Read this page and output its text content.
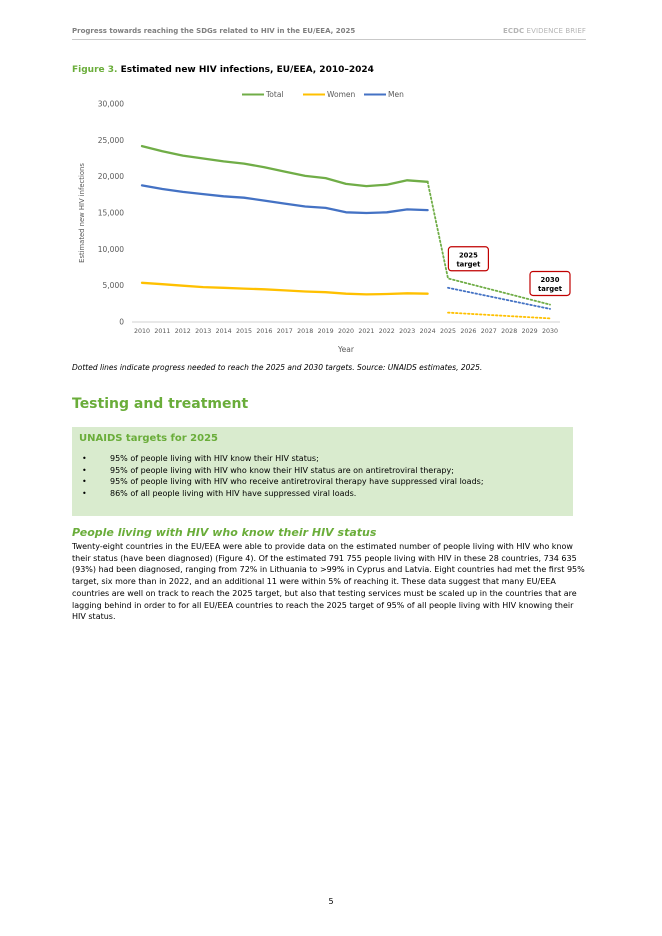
Progress towards reaching the SDGs related to HIV in the EU/EEA, 2025	ECDC EVIDENCE BRIEF
Figure 3. Estimated new HIV infections, EU/EEA, 2010–2024
0
5,000
10,000
15,000
20,000
25,000
30,000
2010 2011 2012 2013 2014 2015 2016 2017 2018 2019 2020 2021 2022 2023 2024 2025 2026 2027 2028 2029 2030
Year
Estimated new HIV infections
Total	Women	Men
2025
target
2030
target
Dotted lines indicate progress needed to reach the 2025 and 2030 targets. Source: UNAIDS estimates, 2025.
Testing and treatment
UNAIDS targets for 2025
• 95% of people living with HIV know their HIV status;
• 95% of people living with HIV who know their HIV status are on antiretroviral therapy;
• 95% of people living with HIV who receive antiretroviral therapy have suppressed viral loads;
• 86% of all people living with HIV have suppressed viral loads.
People living with HIV who know their HIV status
Twenty-eight countries in the EU/EEA were able to provide data on the estimated number of people living with HIV who know their status (have been diagnosed) (Figure 4). Of the estimated 791 755 people living with HIV in these 28 countries, 734 635 (93%) had been diagnosed, ranging from 72% in Lithuania to >99% in Cyprus and Latvia. Eight countries had met the first 95% target, six more than in 2022, and an additional 11 were within 5% of reaching it. These data suggest that many EU/EEA countries are well on track to reach the 2025 target, but also that testing services must be scaled up in the countries that are lagging behind in order to for all EU/EEA countries to reach the 2025 target of 95% of all people living with HIV knowing their HIV status.
5
